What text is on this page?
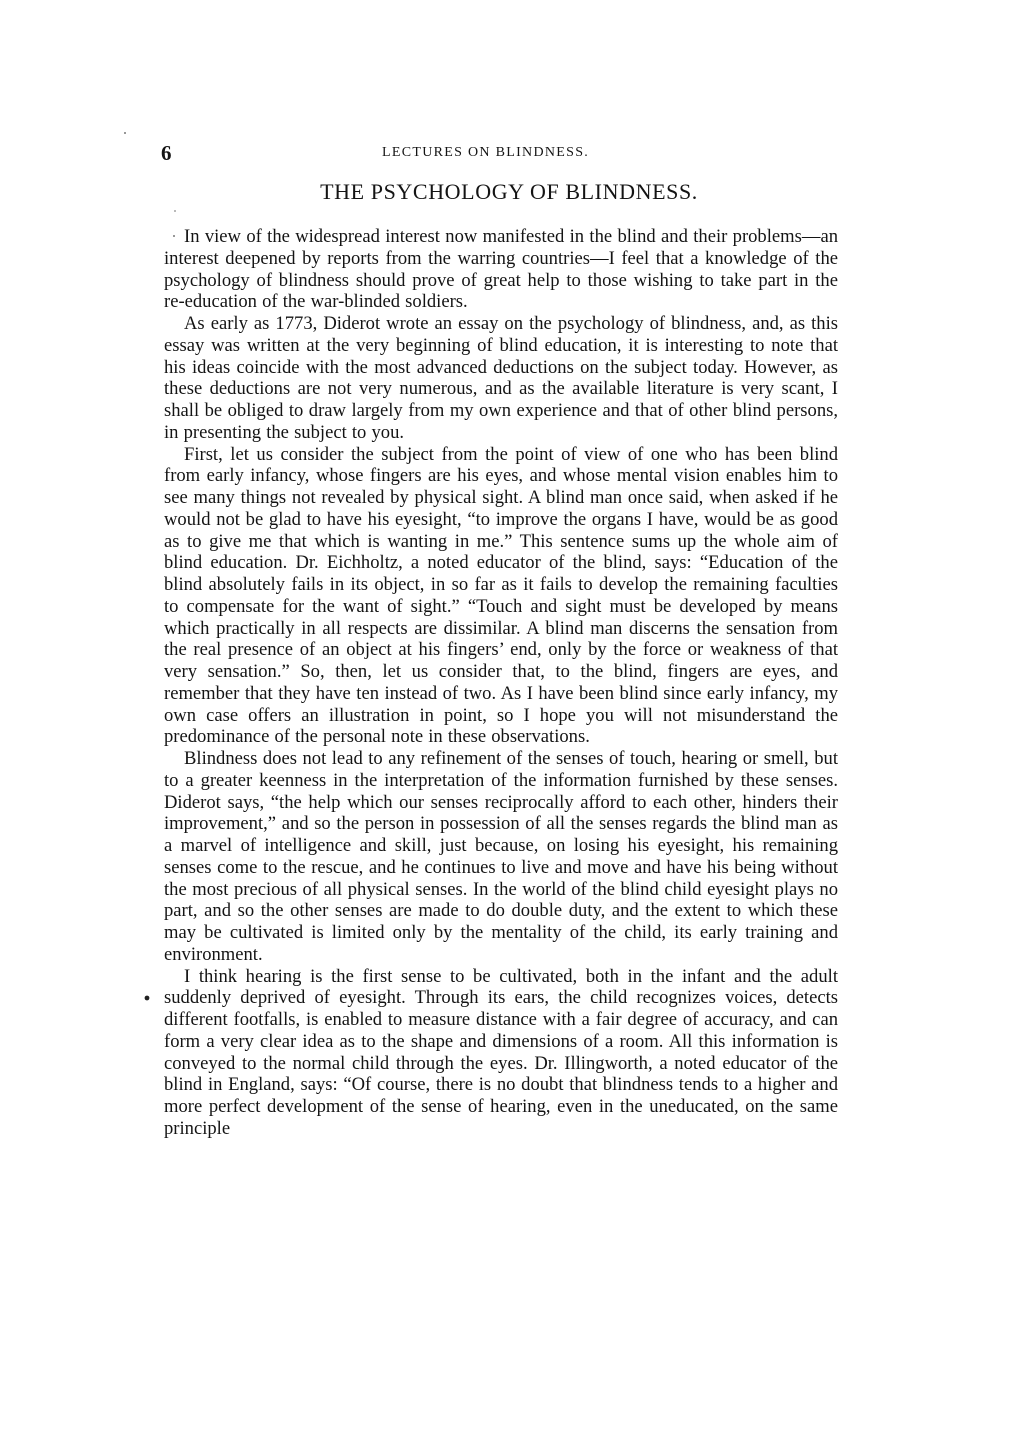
6	LECTURES ON BLINDNESS.
THE PSYCHOLOGY OF BLINDNESS.

In view of the widespread interest now manifested in the blind and their problems—an interest deepened by reports from the warring countries—I feel that a knowledge of the psychology of blindness should prove of great help to those wishing to take part in the re-education of the war-blinded soldiers.

As early as 1773, Diderot wrote an essay on the psychology of blindness, and, as this essay was written at the very beginning of blind education, it is interesting to note that his ideas coincide with the most advanced deductions on the subject today. However, as these deductions are not very numerous, and as the available literature is very scant, I shall be obliged to draw largely from my own experience and that of other blind persons, in presenting the subject to you.

First, let us consider the subject from the point of view of one who has been blind from early infancy, whose fingers are his eyes, and whose mental vision enables him to see many things not revealed by physical sight. A blind man once said, when asked if he would not be glad to have his eyesight, “to improve the organs I have, would be as good as to give me that which is wanting in me.” This sentence sums up the whole aim of blind education. Dr. Eichholtz, a noted educator of the blind, says: “Education of the blind absolutely fails in its object, in so far as it fails to develop the remaining faculties to compensate for the want of sight.” “Touch and sight must be developed by means which practically in all respects are dissimilar. A blind man discerns the sensation from the real presence of an object at his fingers’ end, only by the force or weakness of that very sensation.” So, then, let us consider that, to the blind, fingers are eyes, and remember that they have ten instead of two. As I have been blind since early infancy, my own case offers an illustration in point, so I hope you will not misunderstand the predominance of the personal note in these observations.

Blindness does not lead to any refinement of the senses of touch, hearing or smell, but to a greater keenness in the interpretation of the information furnished by these senses. Diderot says, “the help which our senses reciprocally afford to each other, hinders their improvement,” and so the person in possession of all the senses regards the blind man as a marvel of intelligence and skill, just because, on losing his eyesight, his remaining senses come to the rescue, and he continues to live and move and have his being without the most precious of all physical senses. In the world of the blind child eyesight plays no part, and so the other senses are made to do double duty, and the extent to which these may be cultivated is limited only by the mentality of the child, its early training and environment.

I think hearing is the first sense to be cultivated, both in the infant and the adult suddenly deprived of eyesight. Through its ears, the child recognizes voices, detects different footfalls, is enabled to measure distance with a fair degree of accuracy, and can form a very clear idea as to the shape and dimensions of a room. All this information is conveyed to the normal child through the eyes. Dr. Illingworth, a noted educator of the blind in England, says: “Of course, there is no doubt that blindness tends to a higher and more perfect development of the sense of hearing, even in the uneducated, on the same principle
